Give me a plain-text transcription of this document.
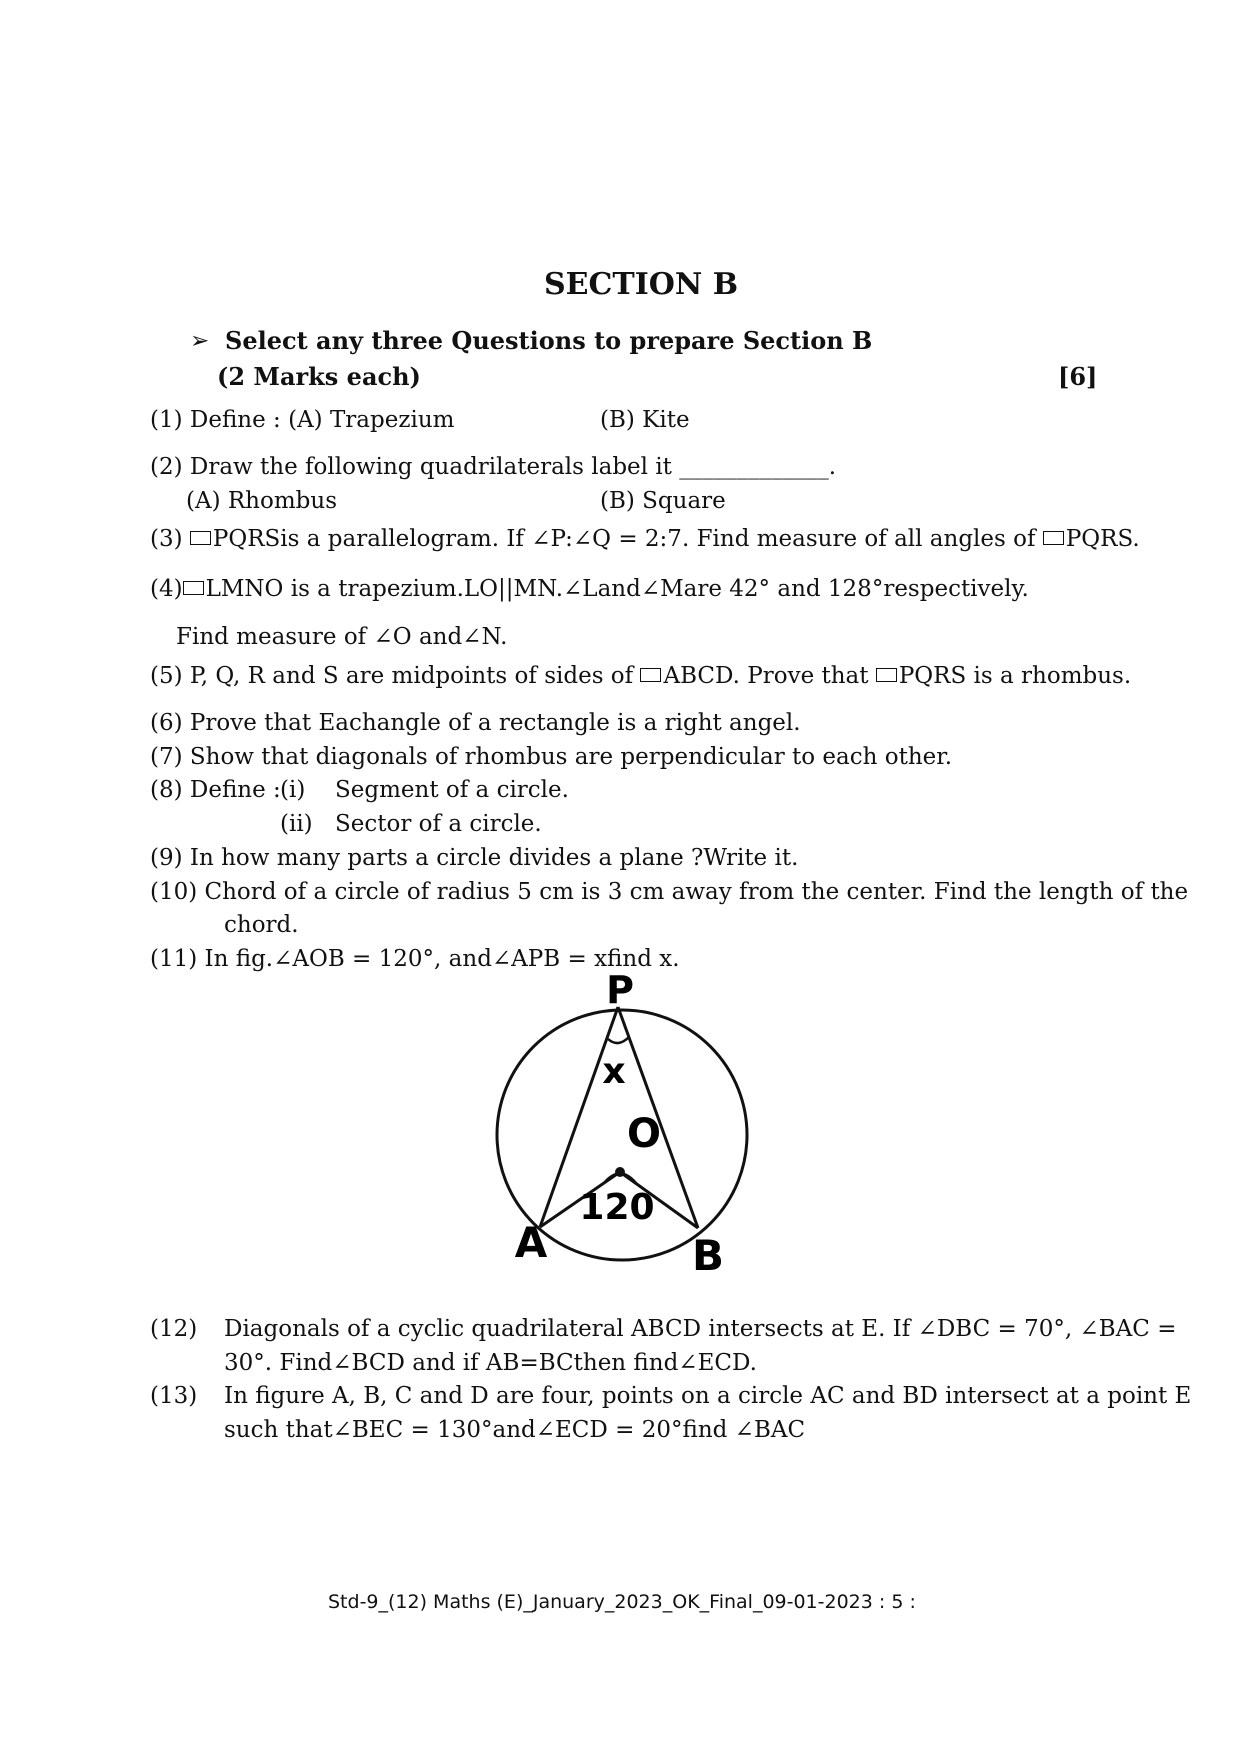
SECTION B
➢ Select any three Questions to prepare Section B
(2 Marks each)	[6]
(1) Define : (A) Trapezium	(B) Kite
(2) Draw the following quadrilaterals label it _____________.
(A) Rhombus	(B) Square
(3) PQRSis a parallelogram. If ∠P:∠Q = 2:7. Find measure of all angles of PQRS.
(4) LMNO is a trapezium.LO||MN.∠Land∠Mare 42° and 128°respectively.
Find measure of ∠O and∠N.
(5) P, Q, R and S are midpoints of sides of ABCD. Prove that PQRS is a rhombus.
(6) Prove that Eachangle of a rectangle is a right angel.
(7) Show that diagonals of rhombus are perpendicular to each other.
(8) Define : (i) Segment of a circle.
(ii) Sector of a circle.
(9) In how many parts a circle divides a plane ?Write it.
(10) Chord of a circle of radius 5 cm is 3 cm away from the center. Find the length of the
chord.
(11) In fig.∠AOB = 120°, and∠APB = xfind x.
P
x
O
120
A	B
(12) Diagonals of a cyclic quadrilateral ABCD intersects at E. If ∠DBC = 70°, ∠BAC =
30°. Find∠BCD and if AB=BCthen find∠ECD.
(13) In figure A, B, C and D are four, points on a circle AC and BD intersect at a point E
such that∠BEC = 130°and∠ECD = 20°find ∠BAC
Std-9_(12) Maths (E)_January_2023_OK_Final_09-01-2023 : 5 :
